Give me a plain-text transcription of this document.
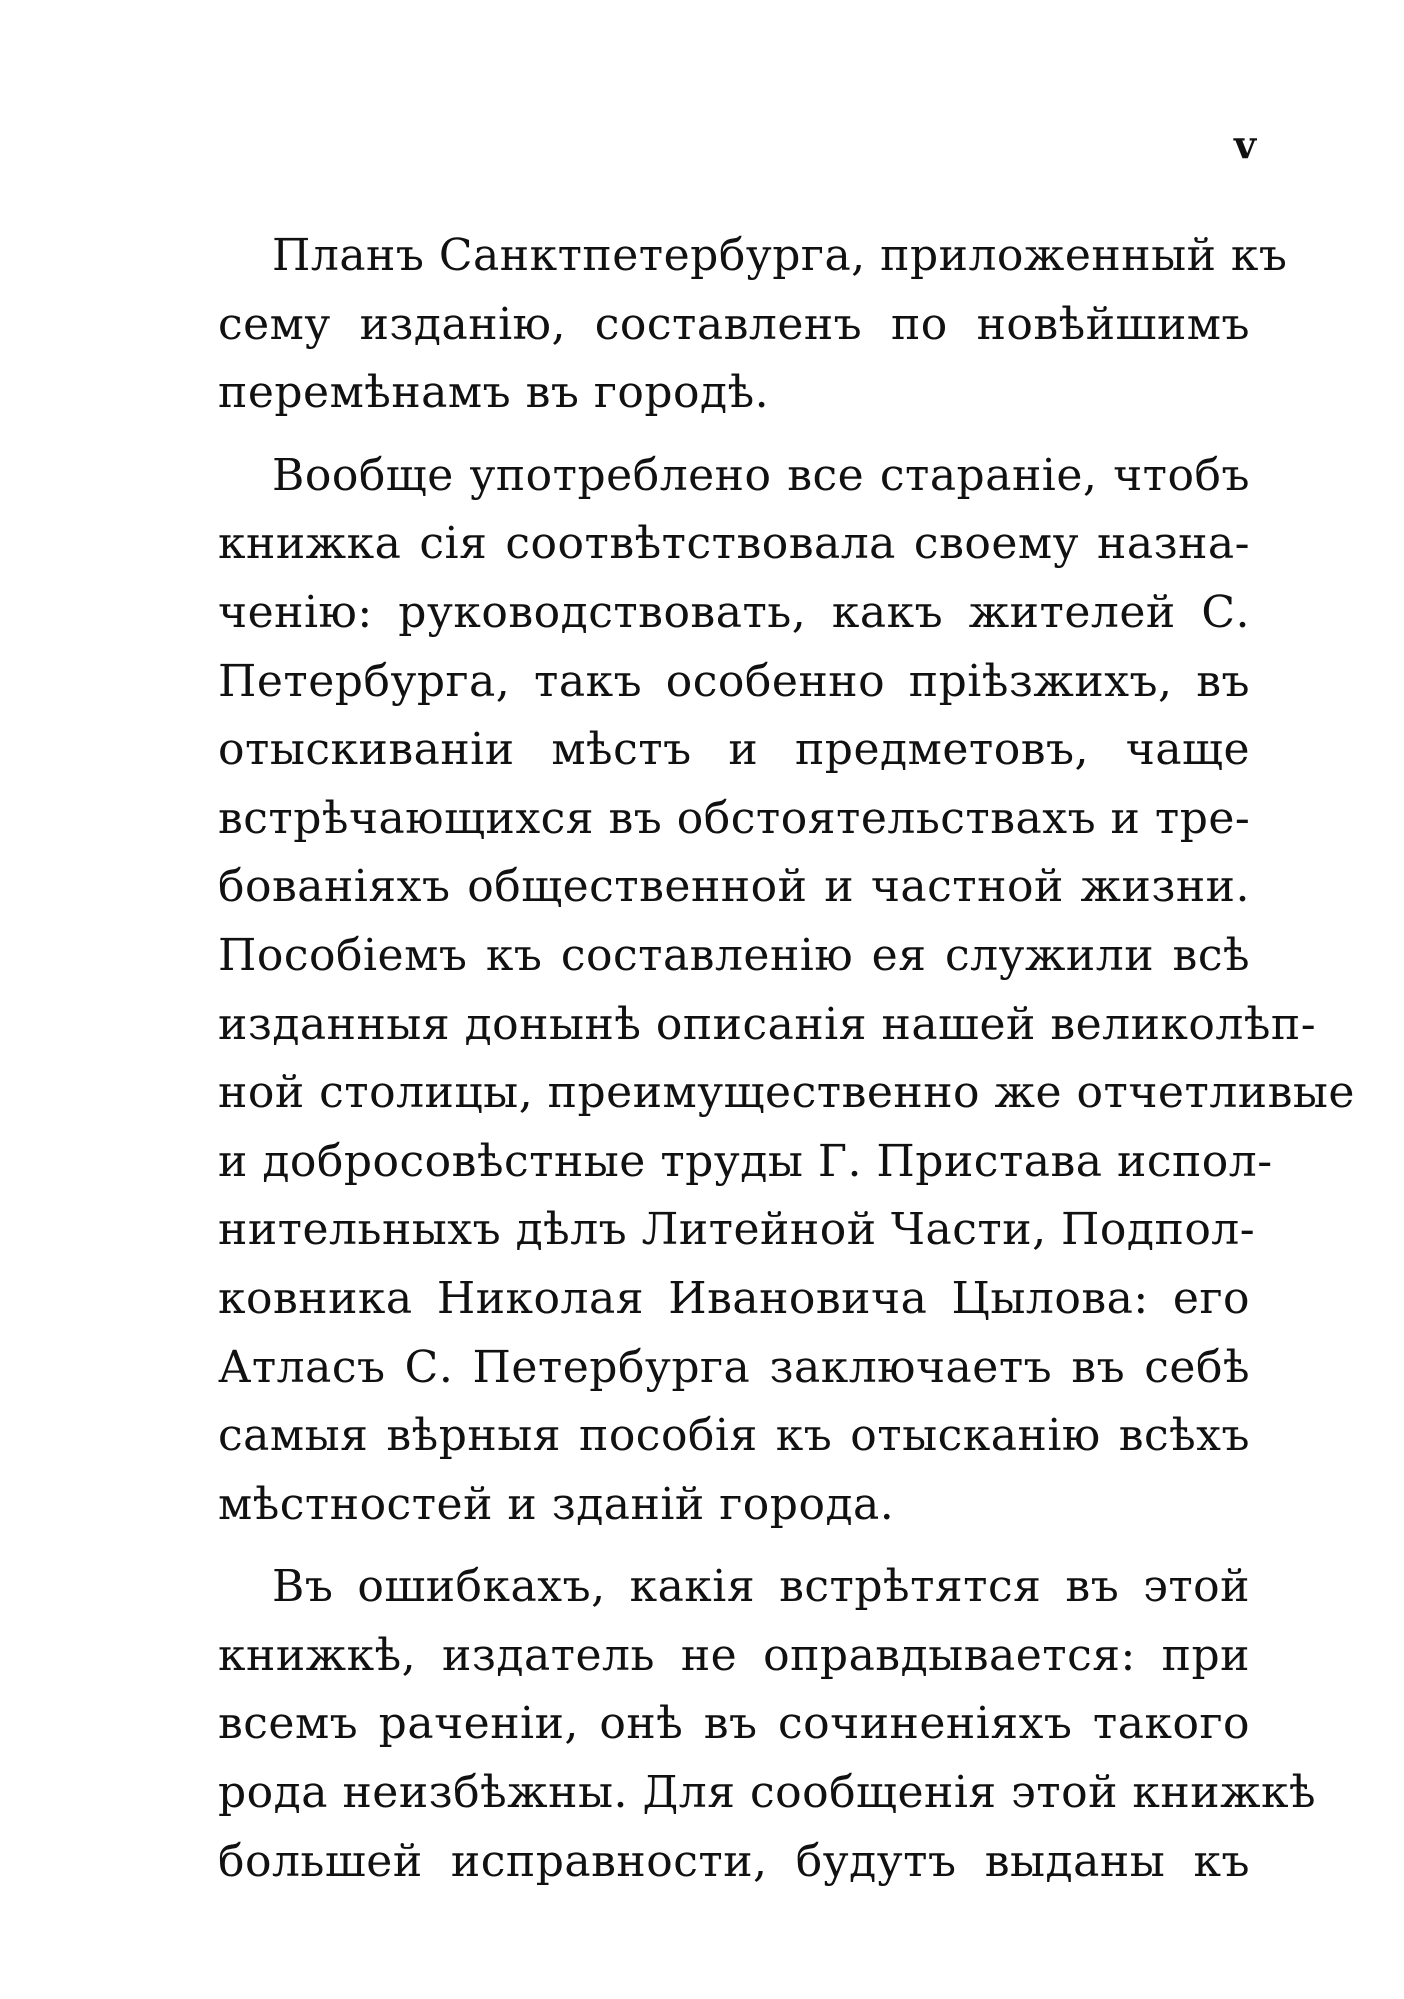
v
Планъ Санктпетербурга, приложенный къ
сему изданію, составленъ по новѣйшимъ
перемѣнамъ въ городѣ.
Вообще употреблено все стараніе, чтобъ
книжка сія соотвѣтствовала своему назна-
ченію: руководствовать, какъ жителей С.
Петербурга, такъ особенно пріѣзжихъ, въ
отыскиваніи мѣстъ и предметовъ, чаще
встрѣчающихся въ обстоятельствахъ и тре-
бованіяхъ общественной и частной жизни.
Пособіемъ къ составленію ея служили всѣ
изданныя донынѣ описанія нашей великолѣп-
ной столицы, преимущественно же отчетливые
и добросовѣстные труды Г. Пристава испол-
нительныхъ дѣлъ Литейной Части, Подпол-
ковника Николая Ивановича Цылова: его
Атласъ С. Петербурга заключаетъ въ себѣ
самыя вѣрныя пособія къ отысканію всѣхъ
мѣстностей и зданій города.
Въ ошибкахъ, какія встрѣтятся въ этой
книжкѣ, издатель не оправдывается: при
всемъ раченіи, онѣ въ сочиненіяхъ такого
рода неизбѣжны. Для сообщенія этой книжкѣ
большей исправности, будутъ выданы къ
